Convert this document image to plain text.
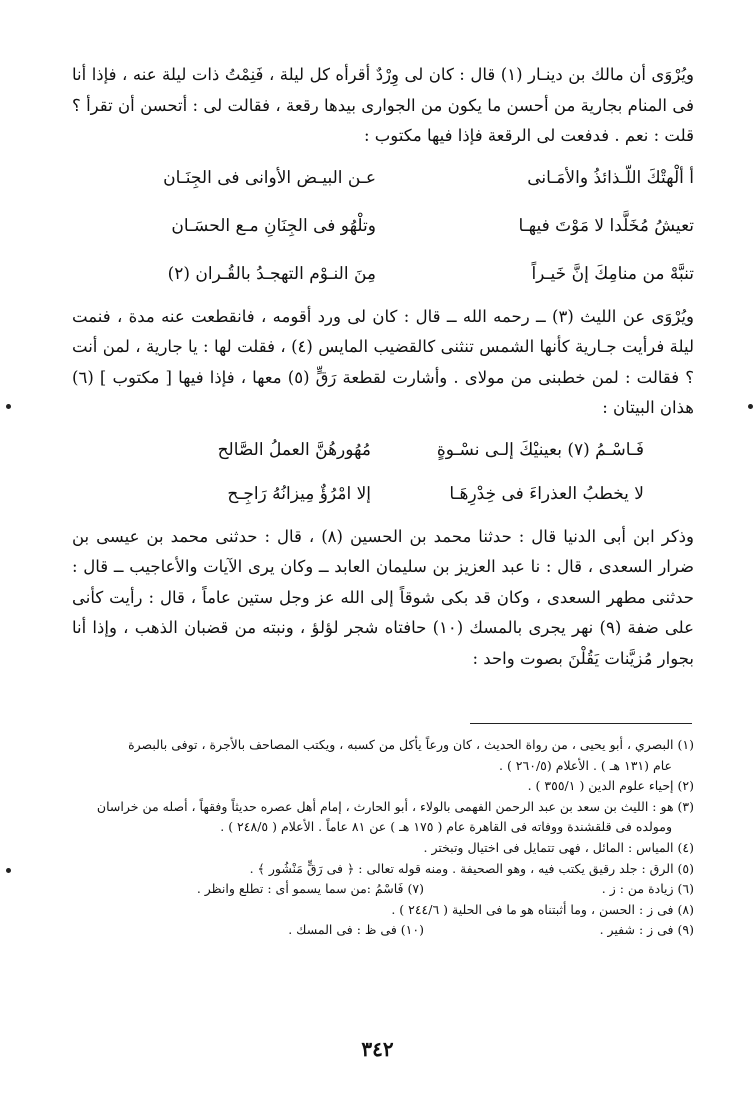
ويُرْوَى أن مالك بن دينـار (١) قال : كان لى وِرْدٌ أقرأه كل ليلة ، فَنِمْتُ ذات ليلة عنه ، فإذا أنا فى المنام بجارية من أحسن ما يكون من الجوارى بيدها رقعة ، فقالت لى : أتحسن أن تقرأ ؟ قلت : نعم . فدفعت لى الرقعة فإذا فيها مكتوب :

أ ألْهتْكَ اللّـذائذُ والأمَـانى
عـن البيـض الأوانى فى الجِنَـان
تعيشُ مُخَلَّدا لا مَوْتَ فيهـا
وتلْهُو فى الجِنَانِ مـع الحسَـان
تنبَّهْ من منامِكَ إنَّ خَيـراً
مِنَ النـوْم التهجـدُ بالقُـران (٢)

ويُرْوَى عن الليث (٣) ــ رحمه الله ــ قال : كان لى ورد أقومه ، فانقطعت عنه مدة ، فنمت ليلة فرأيت جـارية كأنها الشمس تنثنى كالقضيب المايس (٤) ، فقلت لها : يا جارية ، لمن أنت ؟ فقالت : لمن خطبنى من مولاى . وأشارت لقطعة رَقٍّ (٥) معها ، فإذا فيها [ مكتوب ] (٦) هذان البيتان :

فَـاسْـمُ (٧) بعينيْكَ إلـى نسْـوةٍ
مُهُورهُنَّ العملُ الصَّالح
لا يخطبُ العذراءَ فى خِدْرِهَـا
إلا امْرُؤٌ مِيزانُهُ رَاجِـح

وذكر ابن أبى الدنيا قال : حدثنا محمد بن الحسين (٨) ، قال : حدثنى محمد بن عيسى بن ضرار السعدى ، قال : نا عبد العزيز بن سليمان العابد ــ وكان يرى الآيات والأعاجيب ــ قال : حدثنى مطهر السعدى ، وكان قد بكى شوقاً إلى الله عز وجل ستين عاماً ، قال : رأيت كأنى على ضفة (٩) نهر يجرى بالمسك (١٠) حافتاه شجر لؤلؤ ، ونبته من قضبان الذهب ، وإذا أنا بجوار مُزيَّنات يَقُلْنَ بصوت واحد :

(١) البصري ، أبو يحيى ، من رواة الحديث ، كان ورعاً يأكل من كسبه ، ويكتب المصاحف بالأجرة ، توفى بالبصرة

عام (١٣١ هـ ) . الأعلام (٢٦٠/٥ ) .

(٢) إحياء علوم الدين ( ٣٥٥/١ ) .

(٣) هو : الليث بن سعد بن عبد الرحمن الفهمى بالولاء ، أبو الحارث ، إمام أهل عصره حديثاً وفقهاً ، أصله من خراسان

ومولده فى قلقشندة ووفاته فى القاهرة عام ( ١٧٥ هـ ) عن ٨١ عاماً . الأعلام ( ٢٤٨/٥ ) .

(٤) المياس : المائل ، فهى تتمايل فى اختيال وتبختر .

(٥) الرق : جلد رقيق يكتب فيه ، وهو الصحيفة . ومنه قوله تعالى : ﴿ فى رَقٍّ مَنْشُور ﴾ .

(٦) زيادة من : ز .

(٧) فَاسْمُ :من سما يسمو أى : تطلع وانظر .

(٨) فى ز : الحسن ، وما أثبتناه هو ما فى الحلية ( ٢٤٤/٦ ) .

(٩) فى ز : شفير .

(١٠) فى ظ : فى المسك .

٣٤٢
